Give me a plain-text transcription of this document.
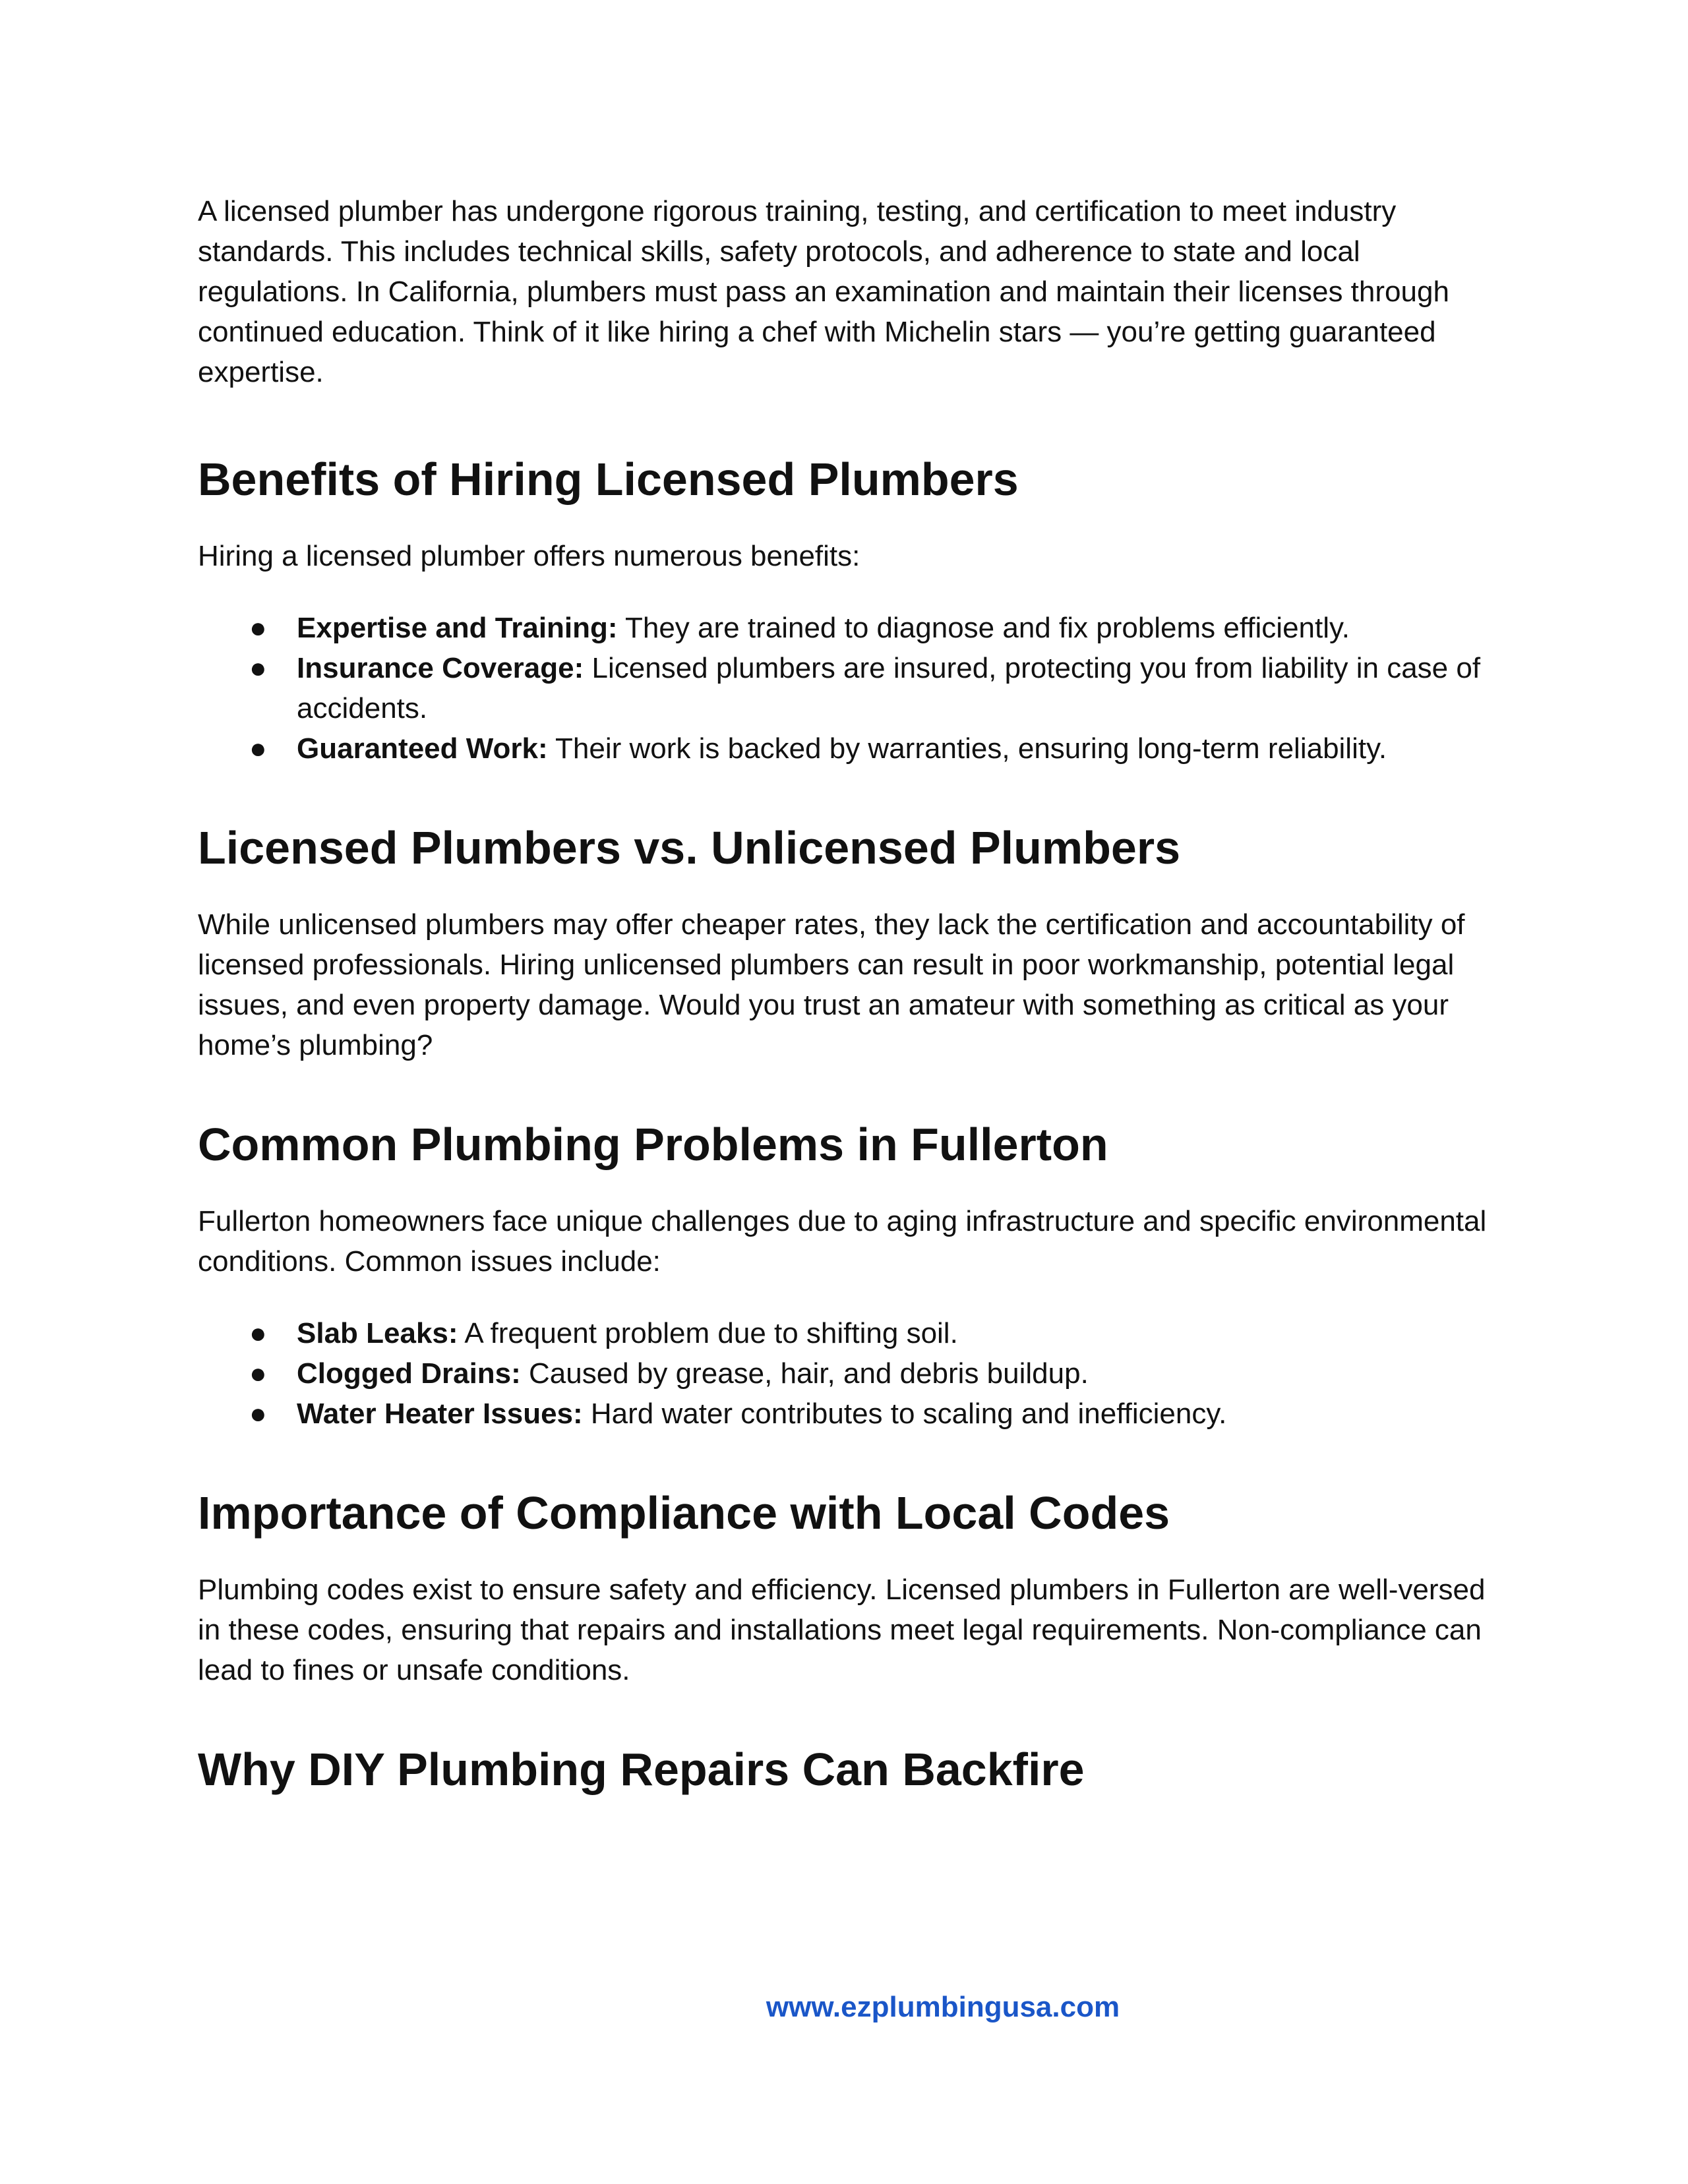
A licensed plumber has undergone rigorous training, testing, and certification to meet industry standards. This includes technical skills, safety protocols, and adherence to state and local regulations. In California, plumbers must pass an examination and maintain their licenses through continued education. Think of it like hiring a chef with Michelin stars — you’re getting guaranteed expertise.

Benefits of Hiring Licensed Plumbers

Hiring a licensed plumber offers numerous benefits:

● Expertise and Training: They are trained to diagnose and fix problems efficiently.
● Insurance Coverage: Licensed plumbers are insured, protecting you from liability in case of accidents.
● Guaranteed Work: Their work is backed by warranties, ensuring long-term reliability.
Licensed Plumbers vs. Unlicensed Plumbers

While unlicensed plumbers may offer cheaper rates, they lack the certification and accountability of licensed professionals. Hiring unlicensed plumbers can result in poor workmanship, potential legal issues, and even property damage. Would you trust an amateur with something as critical as your home’s plumbing?

Common Plumbing Problems in Fullerton

Fullerton homeowners face unique challenges due to aging infrastructure and specific environmental conditions. Common issues include:

● Slab Leaks: A frequent problem due to shifting soil.
● Clogged Drains: Caused by grease, hair, and debris buildup.
● Water Heater Issues: Hard water contributes to scaling and inefficiency.
Importance of Compliance with Local Codes

Plumbing codes exist to ensure safety and efficiency. Licensed plumbers in Fullerton are well-versed in these codes, ensuring that repairs and installations meet legal requirements. Non-compliance can lead to fines or unsafe conditions.

Why DIY Plumbing Repairs Can Backfire
www.ezplumbingusa.com
